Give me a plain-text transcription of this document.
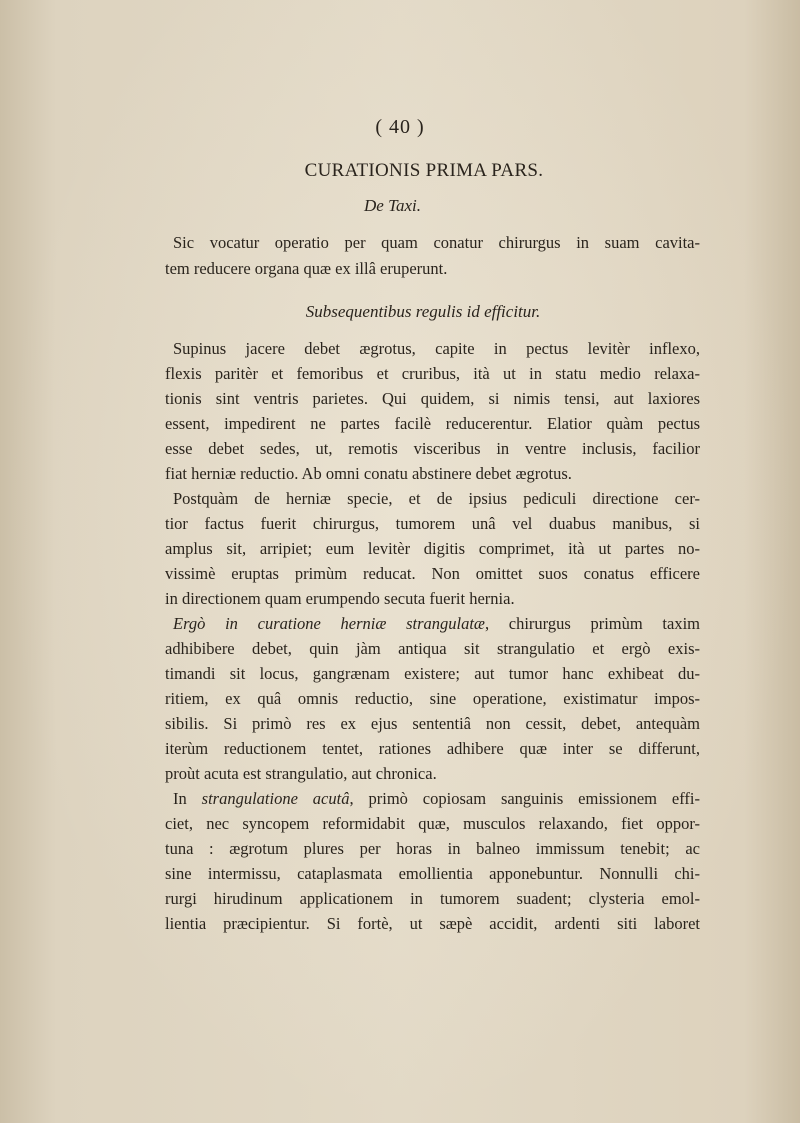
( 40 )
CURATIONIS PRIMA PARS.
De Taxi.
Sic vocatur operatio per quam conatur chirurgus in suam cavita-
tem reducere organa quæ ex illâ eruperunt.
Subsequentibus regulis id efficitur.
Supinus jacere debet ægrotus, capite in pectus levitèr inflexo,
flexis paritèr et femoribus et cruribus, ità ut in statu medio relaxa-
tionis sint ventris parietes. Qui quidem, si nimis tensi, aut laxiores
essent, impedirent ne partes facilè reducerentur. Elatior quàm pectus
esse debet sedes, ut, remotis visceribus in ventre inclusis, facilior
fiat herniæ reductio. Ab omni conatu abstinere debet ægrotus.
Postquàm de herniæ specie, et de ipsius pediculi directione cer-
tior factus fuerit chirurgus, tumorem unâ vel duabus manibus, si
amplus sit, arripiet; eum levitèr digitis comprimet, ità ut partes no-
vissimè eruptas primùm reducat. Non omittet suos conatus efficere
in directionem quam erumpendo secuta fuerit hernia.
Ergò in curatione herniæ strangulatæ, chirurgus primùm taxim
adhibibere debet, quin jàm antiqua sit strangulatio et ergò exis-
timandi sit locus, gangrænam existere; aut tumor hanc exhibeat du-
ritiem, ex quâ omnis reductio, sine operatione, existimatur impos-
sibilis. Si primò res ex ejus sententiâ non cessit, debet, antequàm
iterùm reductionem tentet, rationes adhibere quæ inter se differunt,
proùt acuta est strangulatio, aut chronica.
In strangulatione acutâ, primò copiosam sanguinis emissionem effi-
ciet, nec syncopem reformidabit quæ, musculos relaxando, fiet oppor-
tuna : ægrotum plures per horas in balneo immissum tenebit; ac
sine intermissu, cataplasmata emollientia apponebuntur. Nonnulli chi-
rurgi hirudinum applicationem in tumorem suadent; clysteria emol-
lientia præcipientur. Si fortè, ut sæpè accidit, ardenti siti laboret
